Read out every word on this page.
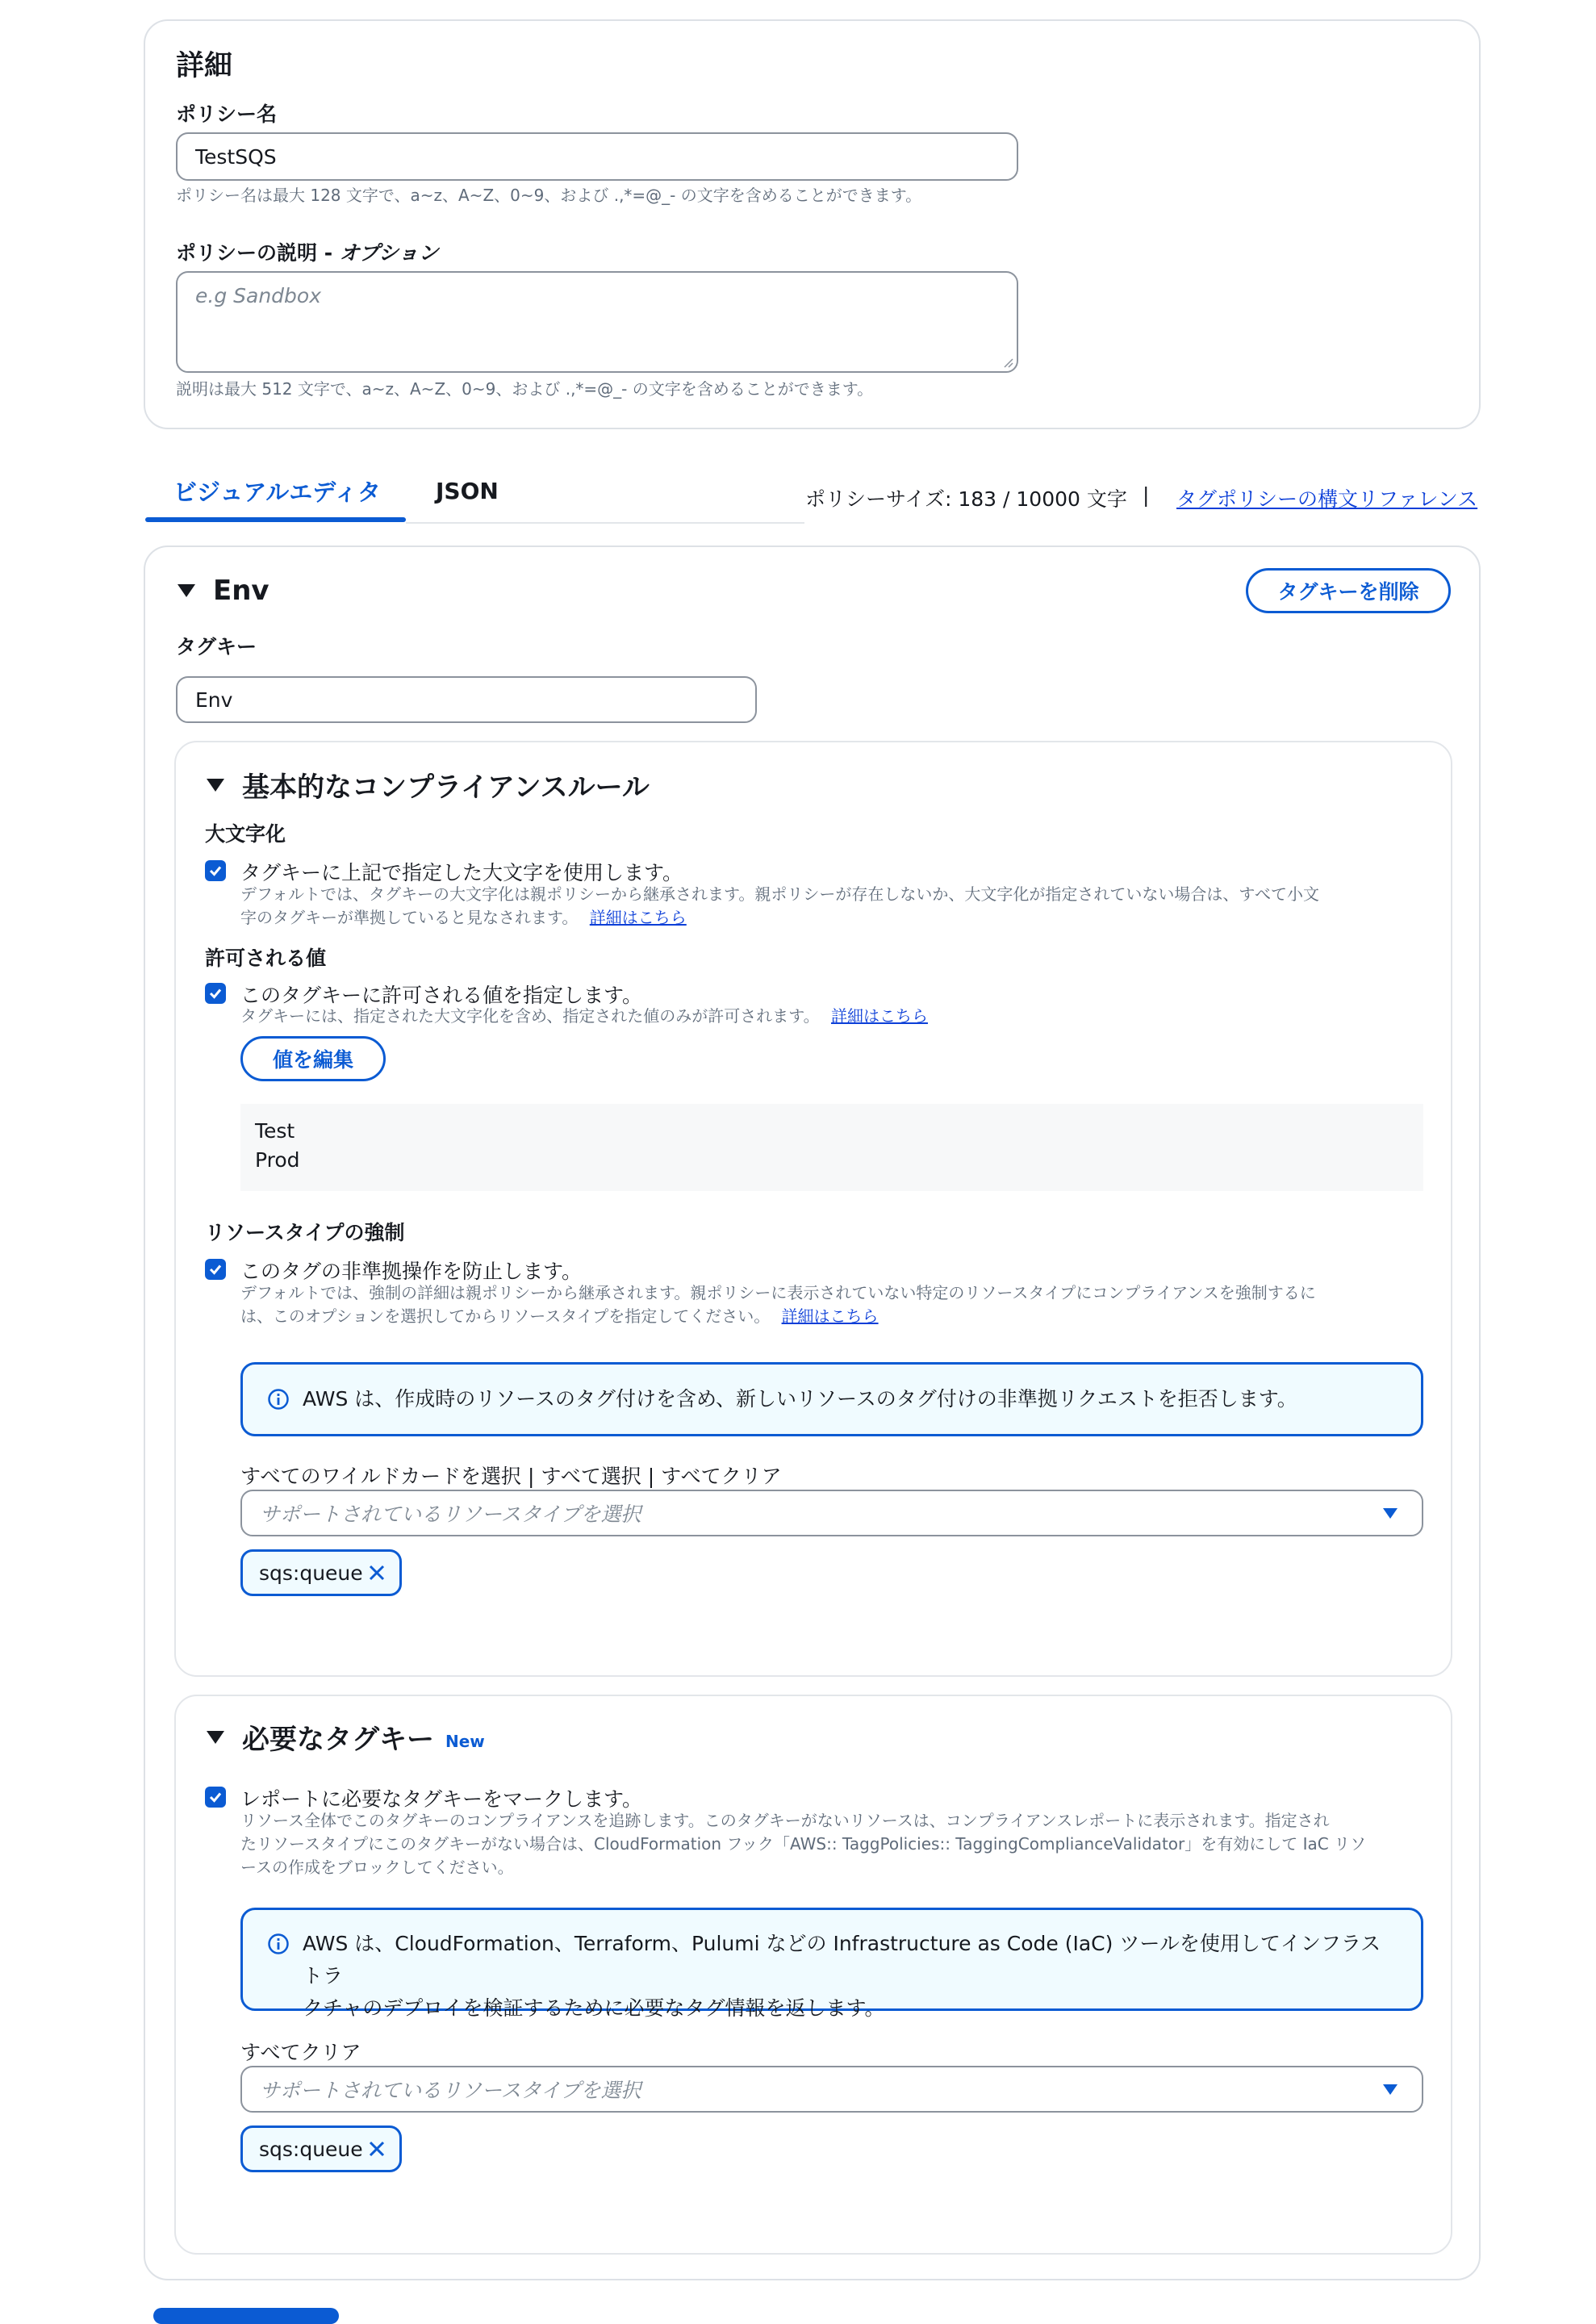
詳細
ポリシー名
TestSQS
ポリシー名は最大 128 文字で、a~z、A~Z、0~9、および .,*=@_- の文字を含めることができます。
ポリシーの説明 - オプション
e.g Sandbox
説明は最大 512 文字で、a~z、A~Z、0~9、および .,*=@_- の文字を含めることができます。
ビジュアルエディタ JSON	ポリシーサイズ: 183 / 10000 文字 | タグポリシーの構文リファレンス
Env	タグキーを削除
タグキー
Env
基本的なコンプライアンスルール
大文字化
タグキーに上記で指定した大文字を使用します。
デフォルトでは、タグキーの大文字化は親ポリシーから継承されます。親ポリシーが存在しないか、大文字化が指定されていない場合は、すべて小文
字のタグキーが準拠していると見なされます。 詳細はこちら
許可される値
このタグキーに許可される値を指定します。
タグキーには、指定された大文字化を含め、指定された値のみが許可されます。 詳細はこちら
値を編集
Test
Prod
リソースタイプの強制
このタグの非準拠操作を防止します。
デフォルトでは、強制の詳細は親ポリシーから継承されます。親ポリシーに表示されていない特定のリソースタイプにコンプライアンスを強制するに
は、このオプションを選択してからリソースタイプを指定してください。 詳細はこちら
AWS は、作成時のリソースのタグ付けを含め、新しいリソースのタグ付けの非準拠リクエストを拒否します。
すべてのワイルドカードを選択 | すべて選択 | すべてクリア
サポートされているリソースタイプを選択
sqs:queue
必要なタグキー New
レポートに必要なタグキーをマークします。
リソース全体でこのタグキーのコンプライアンスを追跡します。このタグキーがないリソースは、コンプライアンスレポートに表示されます。指定され
たリソースタイプにこのタグキーがない場合は、CloudFormation フック「AWS:: TaggPolicies:: TaggingComplianceValidator」を有効にして IaC リソ
ースの作成をブロックしてください。
AWS は、CloudFormation、Terraform、Pulumi などの Infrastructure as Code (IaC) ツールを使用してインフラストラ
クチャのデプロイを検証するために必要なタグ情報を返します。
すべてクリア
サポートされているリソースタイプを選択
sqs:queue
